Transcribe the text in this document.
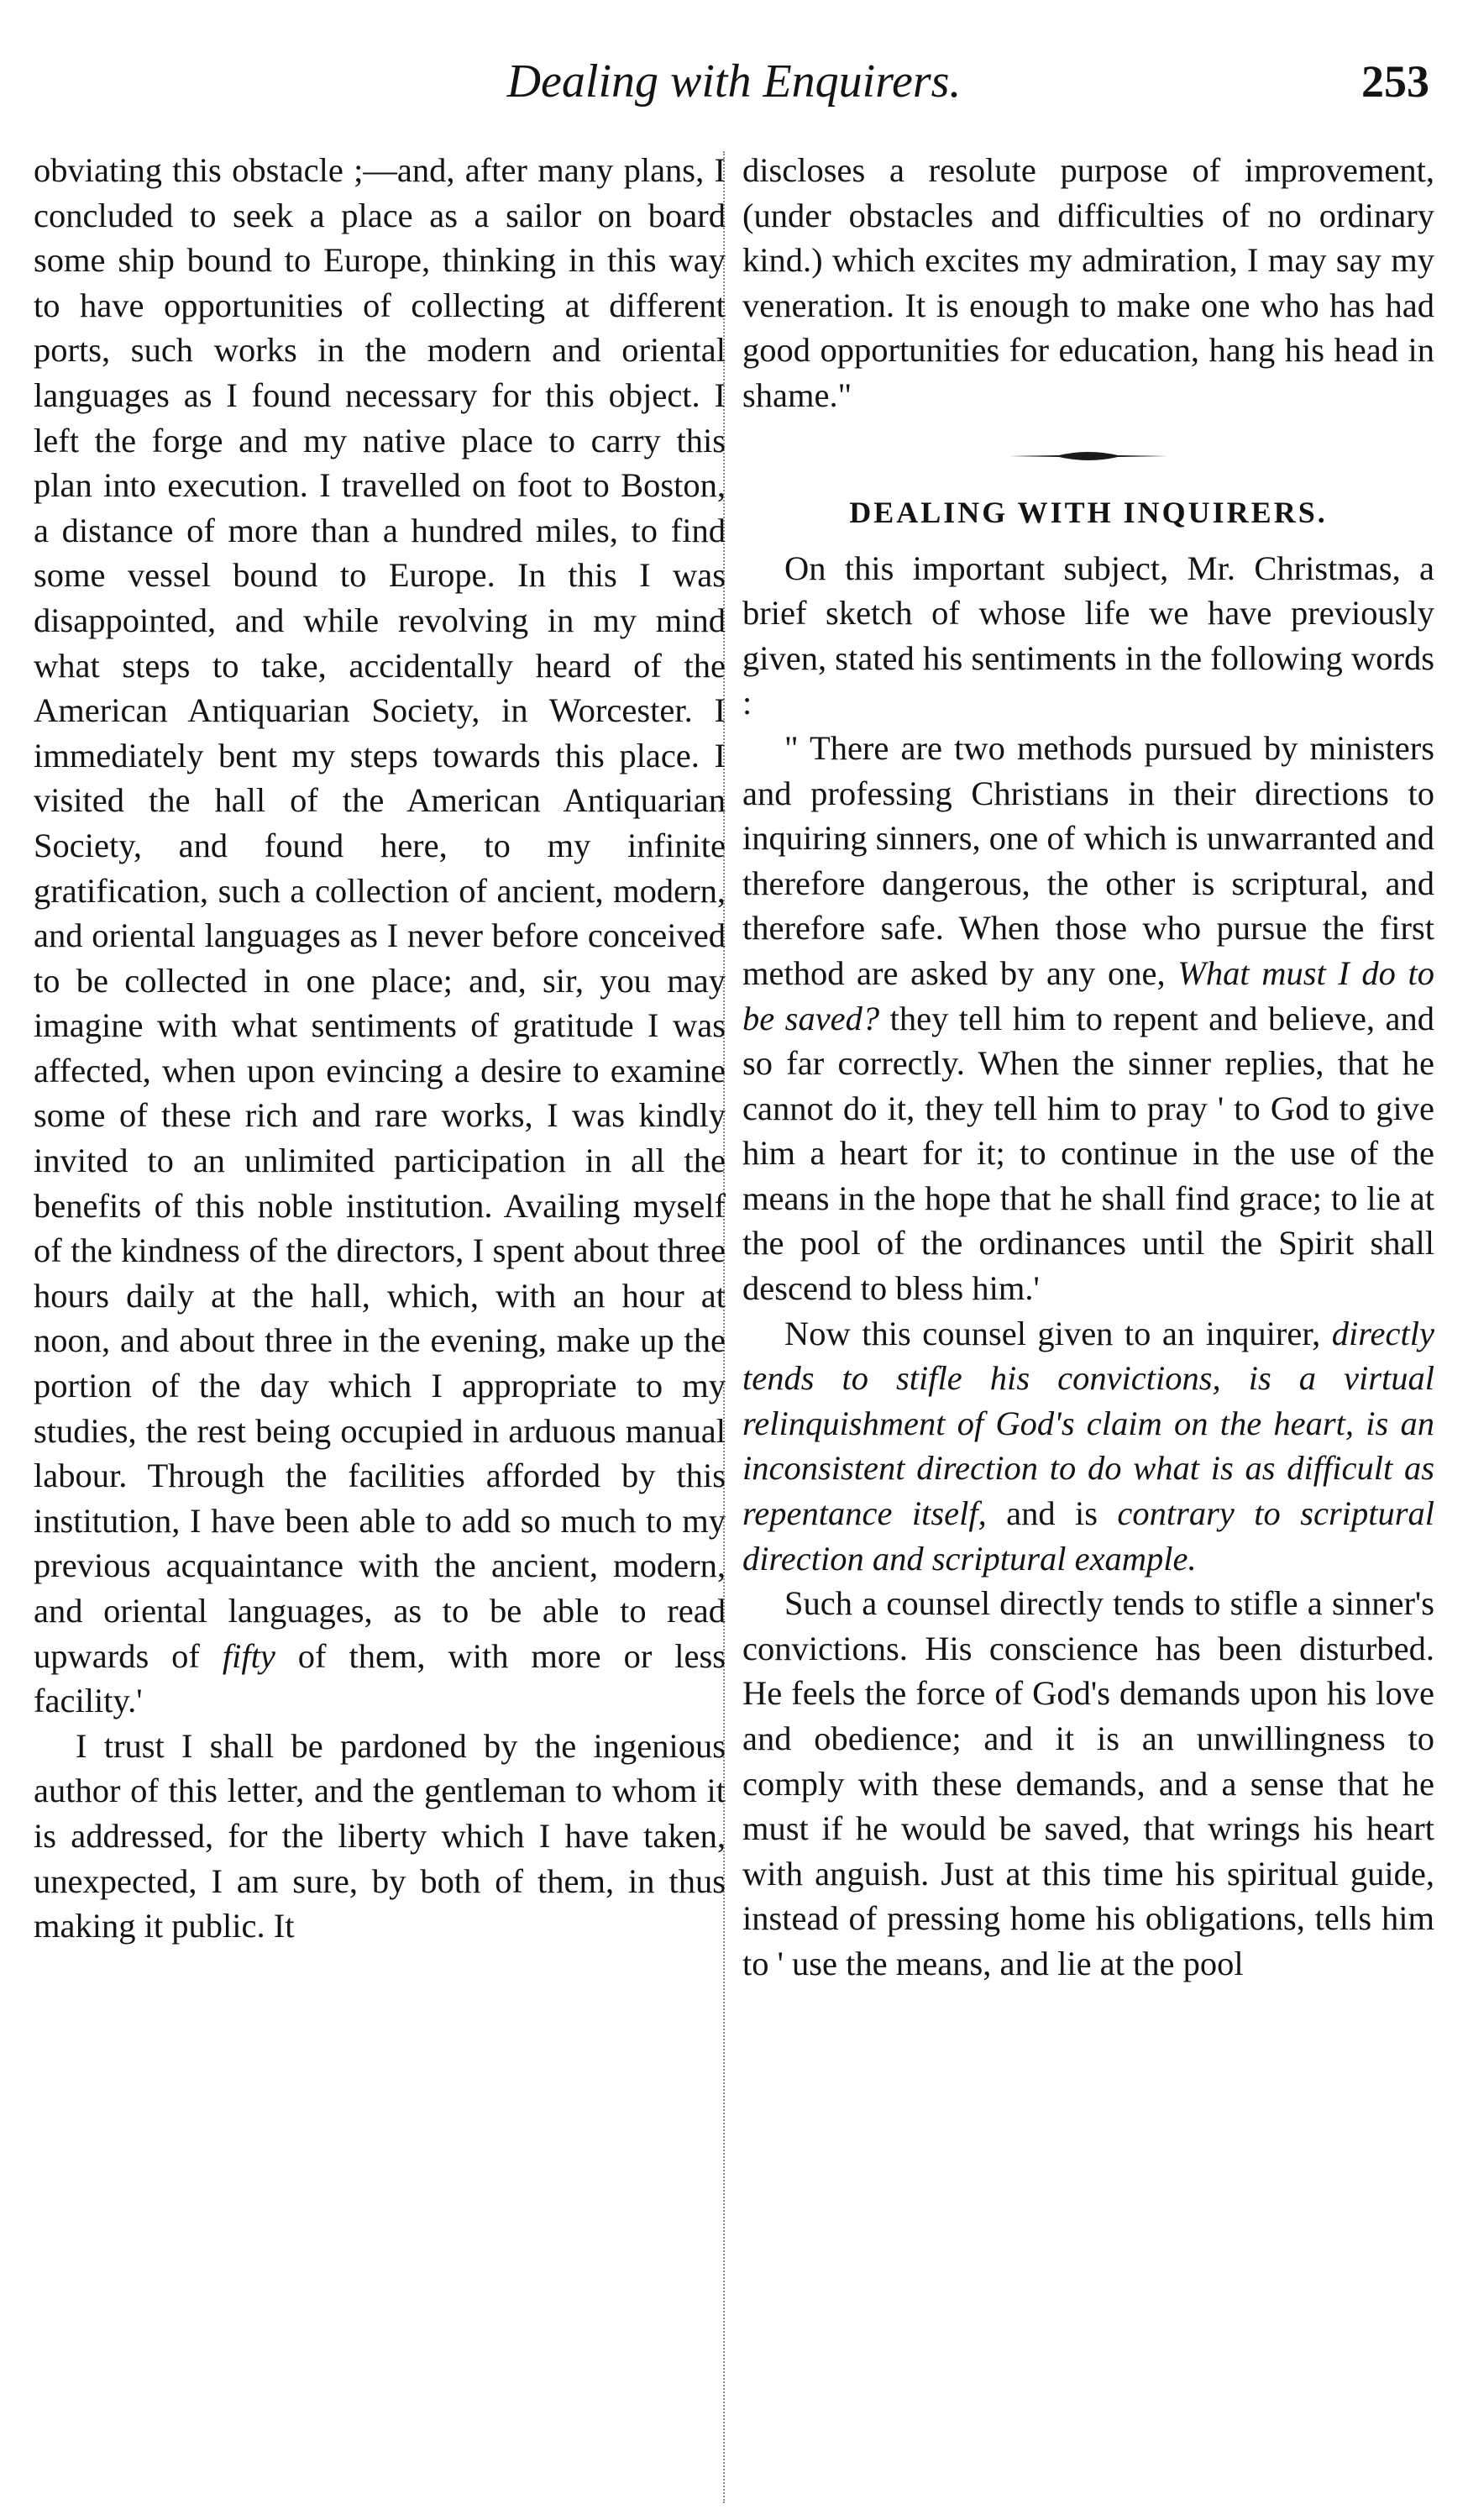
Dealing with Enquirers.	253

obviating this obstacle ;—and, after many plans, I concluded to seek a place as a sailor on board some ship bound to Europe, thinking in this way to have opportunities of collecting at different ports, such works in the modern and oriental languages as I found necessary for this object. I left the forge and my native place to carry this plan into execution. I travelled on foot to Boston, a distance of more than a hundred miles, to find some vessel bound to Europe. In this I was disappointed, and while revolving in my mind what steps to take, accidentally heard of the American Antiquarian Society, in Worcester. I immediately bent my steps towards this place. I visited the hall of the American Antiquarian Society, and found here, to my infinite gratification, such a collection of ancient, modern, and oriental languages as I never before conceived to be collected in one place; and, sir, you may imagine with what sentiments of gratitude I was affected, when upon evincing a desire to examine some of these rich and rare works, I was kindly invited to an unlimited participation in all the benefits of this noble institution. Availing myself of the kindness of the directors, I spent about three hours daily at the hall, which, with an hour at noon, and about three in the evening, make up the portion of the day which I appropriate to my studies, the rest being occupied in arduous manual labour. Through the facilities afforded by this institution, I have been able to add so much to my previous acquaintance with the ancient, modern, and oriental languages, as to be able to read upwards of fifty of them, with more or less facility.'

I trust I shall be pardoned by the ingenious author of this letter, and the gentleman to whom it is addressed, for the liberty which I have taken, unexpected, I am sure, by both of them, in thus making it public. It

discloses a resolute purpose of improvement, (under obstacles and difficulties of no ordinary kind.) which excites my admiration, I may say my veneration. It is enough to make one who has had good opportunities for education, hang his head in shame."

DEALING WITH INQUIRERS.

On this important subject, Mr. Christmas, a brief sketch of whose life we have previously given, stated his sentiments in the following words :

" There are two methods pursued by ministers and professing Christians in their directions to inquiring sinners, one of which is unwarranted and therefore dangerous, the other is scriptural, and therefore safe. When those who pursue the first method are asked by any one, What must I do to be saved? they tell him to repent and believe, and so far correctly. When the sinner replies, that he cannot do it, they tell him to pray ' to God to give him a heart for it; to continue in the use of the means in the hope that he shall find grace; to lie at the pool of the ordinances until the Spirit shall descend to bless him.'

Now this counsel given to an inquirer, directly tends to stifle his convictions, is a virtual relinquishment of God's claim on the heart, is an inconsistent direction to do what is as difficult as repentance itself, and is contrary to scriptural direction and scriptural example.

Such a counsel directly tends to stifle a sinner's convictions. His conscience has been disturbed. He feels the force of God's demands upon his love and obedience; and it is an unwillingness to comply with these demands, and a sense that he must if he would be saved, that wrings his heart with anguish. Just at this time his spiritual guide, instead of pressing home his obligations, tells him to ' use the means, and lie at the pool
